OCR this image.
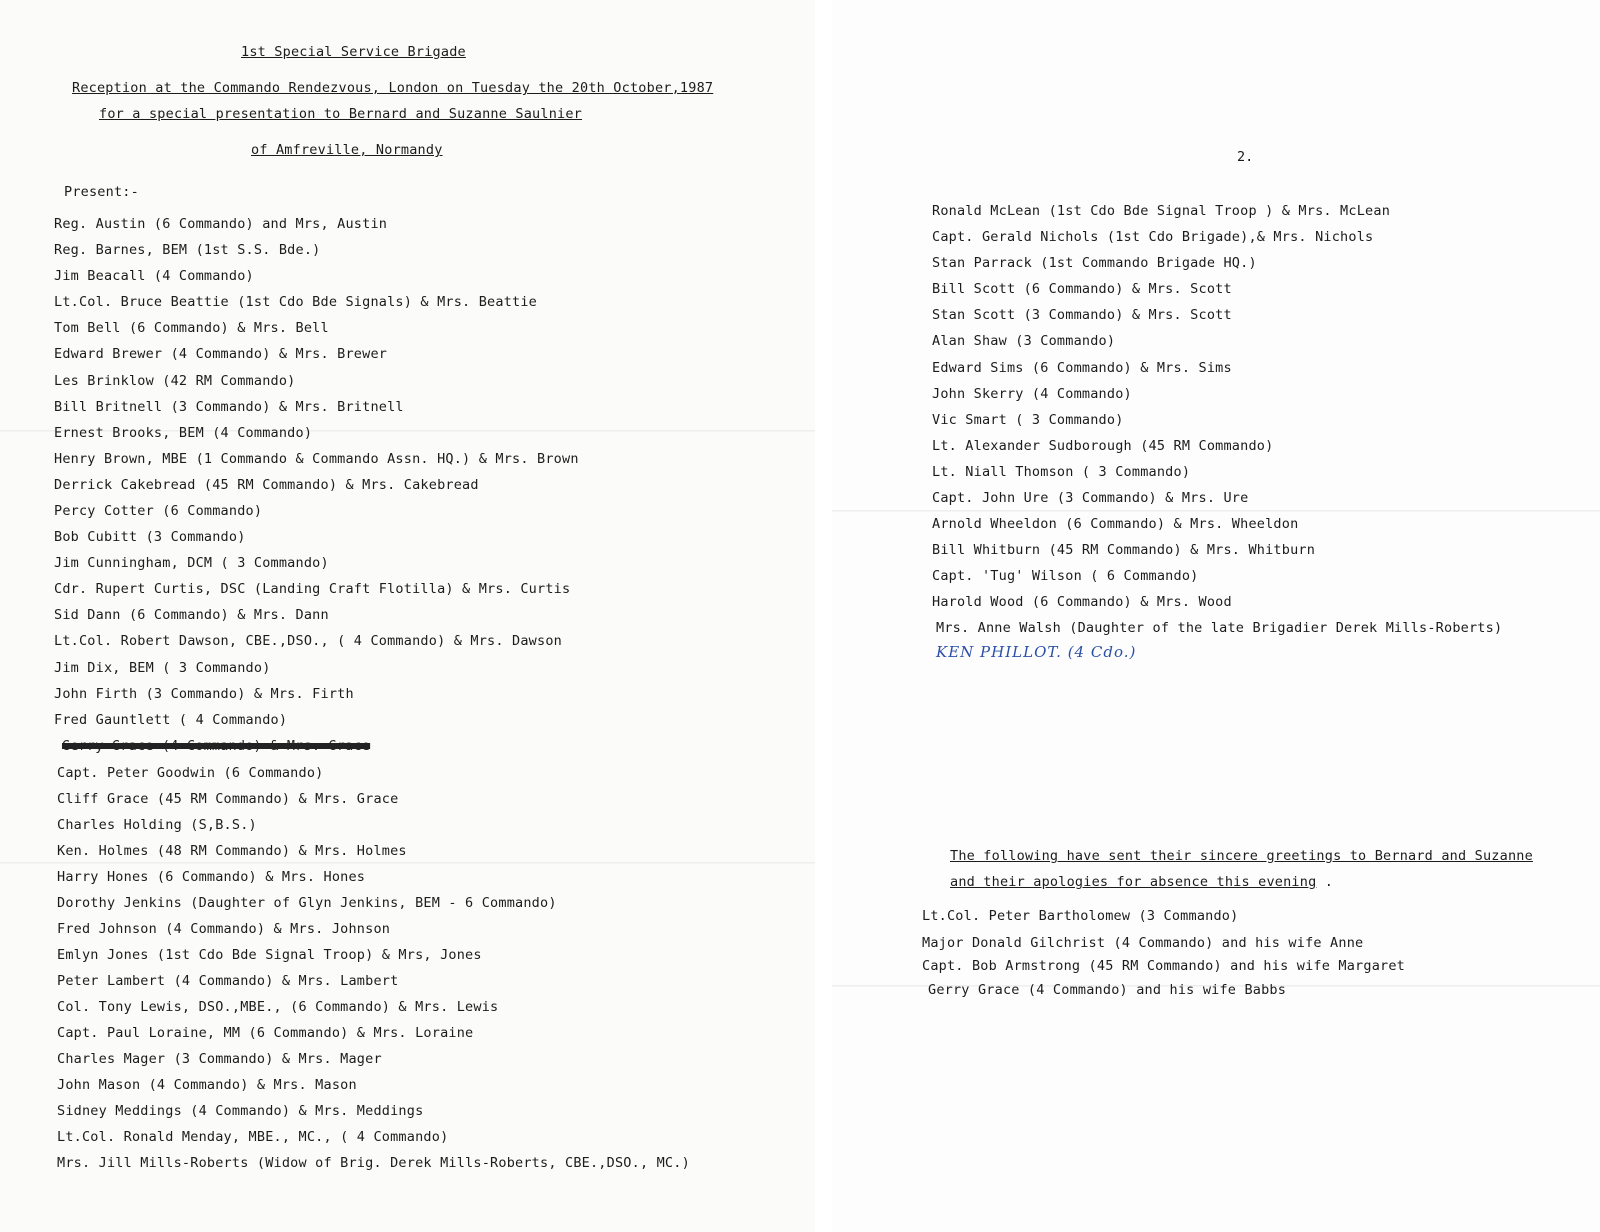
1st Special Service Brigade
Reception at the Commando Rendezvous, London on Tuesday the 20th October,1987
for a special presentation to Bernard and Suzanne Saulnier
of Amfreville, Normandy
Present:-
Reg. Austin (6 Commando) and Mrs, Austin
Reg. Barnes, BEM (1st S.S. Bde.)
Jim Beacall (4 Commando)
Lt.Col. Bruce Beattie (1st Cdo Bde Signals) & Mrs. Beattie
Tom Bell (6 Commando) & Mrs. Bell
Edward Brewer (4 Commando) & Mrs. Brewer
Les Brinklow (42 RM Commando)
Bill Britnell (3 Commando) & Mrs. Britnell
Ernest Brooks, BEM (4 Commando)
Henry Brown, MBE (1 Commando & Commando Assn. HQ.) & Mrs. Brown
Derrick Cakebread (45 RM Commando) & Mrs. Cakebread
Percy Cotter (6 Commando)
Bob Cubitt (3 Commando)
Jim Cunningham, DCM ( 3 Commando)
Cdr. Rupert Curtis, DSC (Landing Craft Flotilla) & Mrs. Curtis
Sid Dann (6 Commando) & Mrs. Dann
Lt.Col. Robert Dawson, CBE.,DSO., ( 4 Commando) & Mrs. Dawson
Jim Dix, BEM ( 3 Commando)
John Firth (3 Commando) & Mrs. Firth
Fred Gauntlett ( 4 Commando)
Gerry Grace (4 Commando) & Mrs. Grace
Capt. Peter Goodwin (6 Commando)
Cliff Grace (45 RM Commando) & Mrs. Grace
Charles Holding (S,B.S.)
Ken. Holmes (48 RM Commando) & Mrs. Holmes
Harry Hones (6 Commando) & Mrs. Hones
Dorothy Jenkins (Daughter of Glyn Jenkins, BEM - 6 Commando)
Fred Johnson (4 Commando) & Mrs. Johnson
Emlyn Jones (1st Cdo Bde Signal Troop) & Mrs, Jones
Peter Lambert (4 Commando) & Mrs. Lambert
Col. Tony Lewis, DSO.,MBE., (6 Commando) & Mrs. Lewis
Capt. Paul Loraine, MM (6 Commando) & Mrs. Loraine
Charles Mager (3 Commando) & Mrs. Mager
John Mason (4 Commando) & Mrs. Mason
Sidney Meddings (4 Commando) & Mrs. Meddings
Lt.Col. Ronald Menday, MBE., MC., ( 4 Commando)
Mrs. Jill Mills-Roberts (Widow of Brig. Derek Mills-Roberts, CBE.,DSO., MC.)
2.
Ronald McLean (1st Cdo Bde Signal Troop ) & Mrs. McLean
Capt. Gerald Nichols (1st Cdo Brigade),& Mrs. Nichols
Stan Parrack (1st Commando Brigade HQ.)
Bill Scott (6 Commando) & Mrs. Scott
Stan Scott (3 Commando) & Mrs. Scott
Alan Shaw (3 Commando)
Edward Sims (6 Commando) & Mrs. Sims
John Skerry (4 Commando)
Vic Smart ( 3 Commando)
Lt. Alexander Sudborough (45 RM Commando)
Lt. Niall Thomson ( 3 Commando)
Capt. John Ure (3 Commando) & Mrs. Ure
Arnold Wheeldon (6 Commando) & Mrs. Wheeldon
Bill Whitburn (45 RM Commando) & Mrs. Whitburn
Capt. 'Tug' Wilson ( 6 Commando)
Harold Wood (6 Commando) & Mrs. Wood
Mrs. Anne Walsh (Daughter of the late Brigadier Derek Mills-Roberts)
KEN PHILLOT. (4 Cdo.)
The following have sent their sincere greetings to Bernard and Suzanne
and their apologies for absence this evening .
Lt.Col. Peter Bartholomew (3 Commando)
Major Donald Gilchrist (4 Commando) and his wife Anne
Capt. Bob Armstrong (45 RM Commando) and his wife Margaret
Gerry Grace (4 Commando) and his wife Babbs
